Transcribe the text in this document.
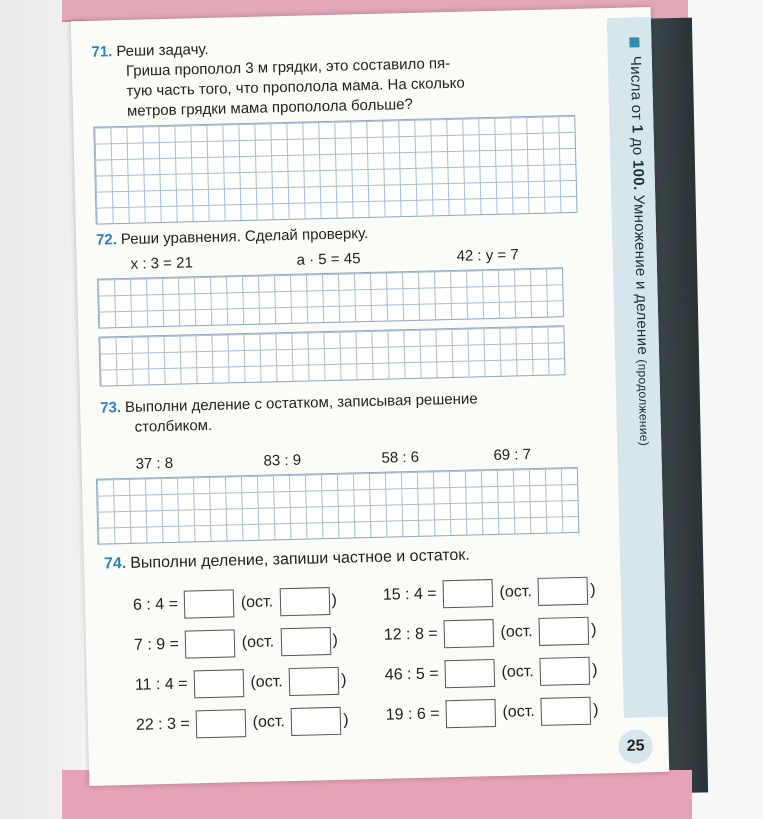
Числа от 1 до 100. Умножение и деление (продолжение)
71. Реши задачу.
Гриша прополол 3 м грядки, это составило пя-
тую часть того, что прополола мама. На сколько
метров грядки мама прополола больше?
72. Реши уравнения. Сделай проверку.
x : 3 = 21	a · 5 = 45	42 : y = 7
73. Выполни деление с остатком, записывая решение
столбиком.
37 : 8	83 : 9	58 : 6	69 : 7
74. Выполни деление, запиши частное и остаток.
6 : 4 =	(ост.	)	15 : 4 =	(ост.	)
7 : 9 =	(ост.	)	12 : 8 =	(ост.	)
11 : 4 =	(ост.	) 46 : 5 =	(ост.	)
22 : 3 =	(ост.	) 19 : 6 =	(ост.	)
25
